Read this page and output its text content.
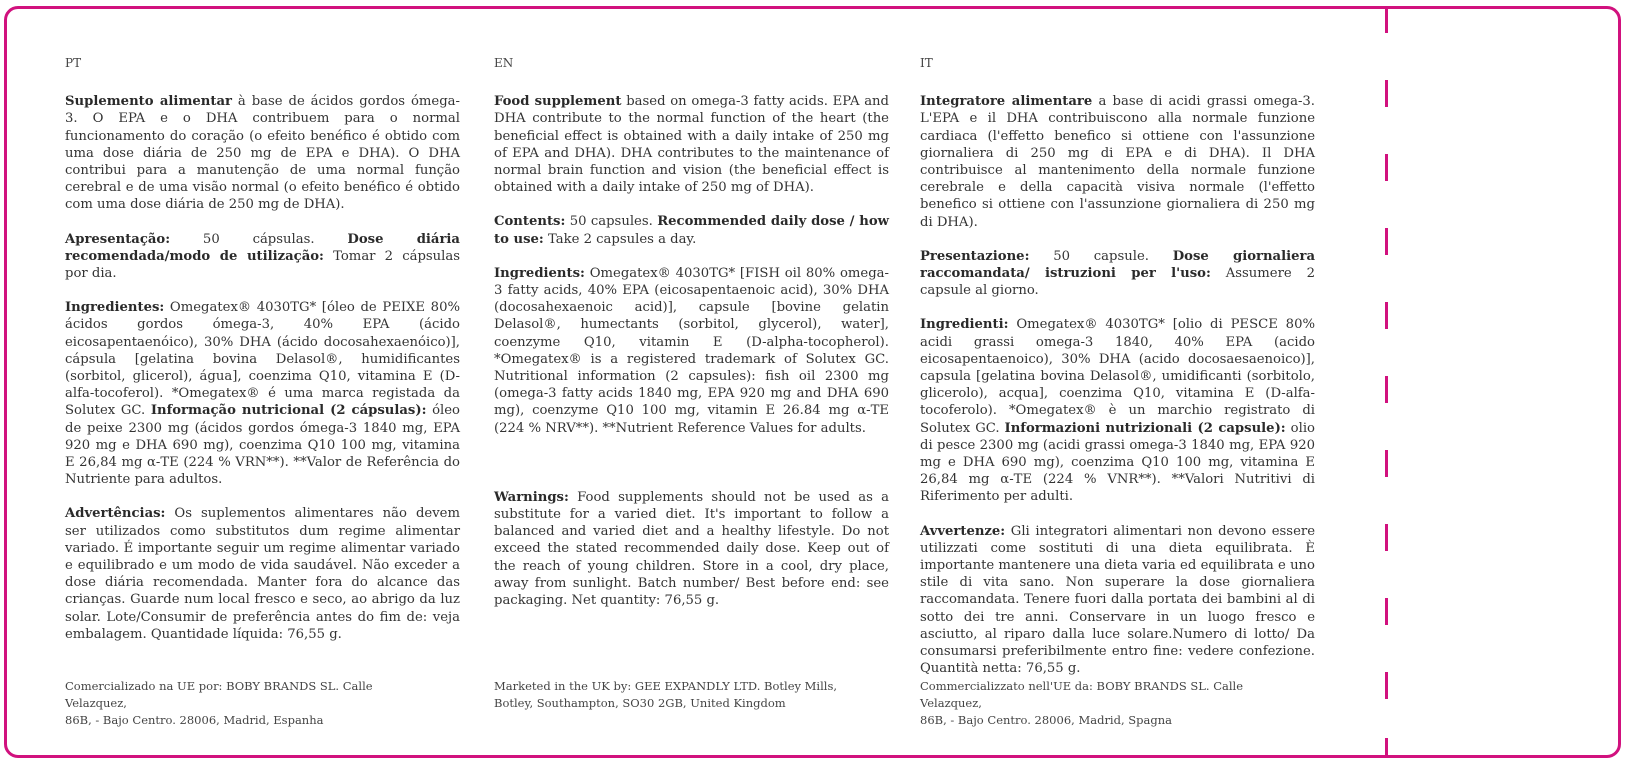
PT

Suplemento alimentar à base de ácidos gordos ómega-3. O EPA e o DHA contribuem para o normal funcionamento do coração (o efeito benéfico é obtido com uma dose diária de 250 mg de EPA e DHA). O DHA contribui para a manutenção de uma normal função cerebral e de uma visão normal (o efeito benéfico é obtido com uma dose diária de 250 mg de DHA).

Apresentação: 50 cápsulas. Dose diária recomendada/modo de utilização: Tomar 2 cápsulas por dia.

Ingredientes: Omegatex® 4030TG* [óleo de PEIXE 80% ácidos gordos ómega-3, 40% EPA (ácido eicosapentaenóico), 30% DHA (ácido docosahexaenóico)], cápsula [gelatina bovina Delasol®, humidificantes (sorbitol, glicerol), água], coenzima Q10, vitamina E (D-alfa-tocoferol). *Omegatex® é uma marca registada da Solutex GC. Informação nutricional (2 cápsulas): óleo de peixe 2300 mg (ácidos gordos ómega-3 1840 mg, EPA 920 mg e DHA 690 mg), coenzima Q10 100 mg, vitamina E 26,84 mg α-TE (224 % VRN**). **Valor de Referência do Nutriente para adultos.

Advertências: Os suplementos alimentares não devem ser utilizados como substitutos dum regime alimentar variado. É importante seguir um regime alimentar variado e equilibrado e um modo de vida saudável. Não exceder a dose diária recomendada. Manter fora do alcance das crianças. Guarde num local fresco e seco, ao abrigo da luz solar. Lote/Consumir de preferência antes do fim de: veja embalagem. Quantidade líquida: 76,55 g.

EN

Food supplement based on omega-3 fatty acids. EPA and DHA contribute to the normal function of the heart (the beneficial effect is obtained with a daily intake of 250 mg of EPA and DHA). DHA contributes to the maintenance of normal brain function and vision (the beneficial effect is obtained with a daily intake of 250 mg of DHA).

Contents: 50 capsules. Recommended daily dose / how to use: Take 2 capsules a day.

Ingredients: Omegatex® 4030TG* [FISH oil 80% omega-3 fatty acids, 40% EPA (eicosapentaenoic acid), 30% DHA (docosahexaenoic acid)], capsule [bovine gelatin Delasol®, humectants (sorbitol, glycerol), water], coenzyme Q10, vitamin E (D-alpha-tocopherol). *Omegatex® is a registered trademark of Solutex GC. Nutritional information (2 capsules): fish oil 2300 mg (omega-3 fatty acids 1840 mg, EPA 920 mg and DHA 690 mg), coenzyme Q10 100 mg, vitamin E 26.84 mg α-TE (224 % NRV**). **Nutrient Reference Values for adults.

Warnings: Food supplements should not be used as a substitute for a varied diet. It's important to follow a balanced and varied diet and a healthy lifestyle. Do not exceed the stated recommended daily dose. Keep out of the reach of young children. Store in a cool, dry place, away from sunlight. Batch number/ Best before end: see packaging. Net quantity: 76,55 g.

IT

Integratore alimentare a base di acidi grassi omega-3. L'EPA e il DHA contribuiscono alla normale funzione cardiaca (l'effetto benefico si ottiene con l'assunzione giornaliera di 250 mg di EPA e di DHA). Il DHA contribuisce al mantenimento della normale funzione cerebrale e della capacità visiva normale (l'effetto benefico si ottiene con l'assunzione giornaliera di 250 mg di DHA).

Presentazione: 50 capsule. Dose giornaliera raccomandata/ istruzioni per l'uso: Assumere 2 capsule al giorno.

Ingredienti: Omegatex® 4030TG* [olio di PESCE 80% acidi grassi omega-3 1840, 40% EPA (acido eicosapentaenoico), 30% DHA (acido docosaesaenoico)], capsula [gelatina bovina Delasol®, umidificanti (sorbitolo, glicerolo), acqua], coenzima Q10, vitamina E (D-alfa-tocoferolo). *Omegatex® è un marchio registrato di Solutex GC. Informazioni nutrizionali (2 capsule): olio di pesce 2300 mg (acidi grassi omega-3 1840 mg, EPA 920 mg e DHA 690 mg), coenzima Q10 100 mg, vitamina E 26,84 mg α-TE (224 % VNR**). **Valori Nutritivi di Riferimento per adulti.

Avvertenze: Gli integratori alimentari non devono essere utilizzati come sostituti di una dieta equilibrata. È importante mantenere una dieta varia ed equilibrata e uno stile di vita sano. Non superare la dose giornaliera raccomandata. Tenere fuori dalla portata dei bambini al di sotto dei tre anni. Conservare in un luogo fresco e asciutto, al riparo dalla luce solare.Numero di lotto/ Da consumarsi preferibilmente entro fine: vedere confezione. Quantità netta: 76,55 g.

Comercializado na UE por: BOBY BRANDS SL. Calle Velazquez,
86B, - Bajo Centro. 28006, Madrid, Espanha
Marketed in the UK by: GEE EXPANDLY LTD. Botley Mills,
Botley, Southampton, SO30 2GB, United Kingdom
Commercializzato nell'UE da: BOBY BRANDS SL. Calle Velazquez,
86B, - Bajo Centro. 28006, Madrid, Spagna
